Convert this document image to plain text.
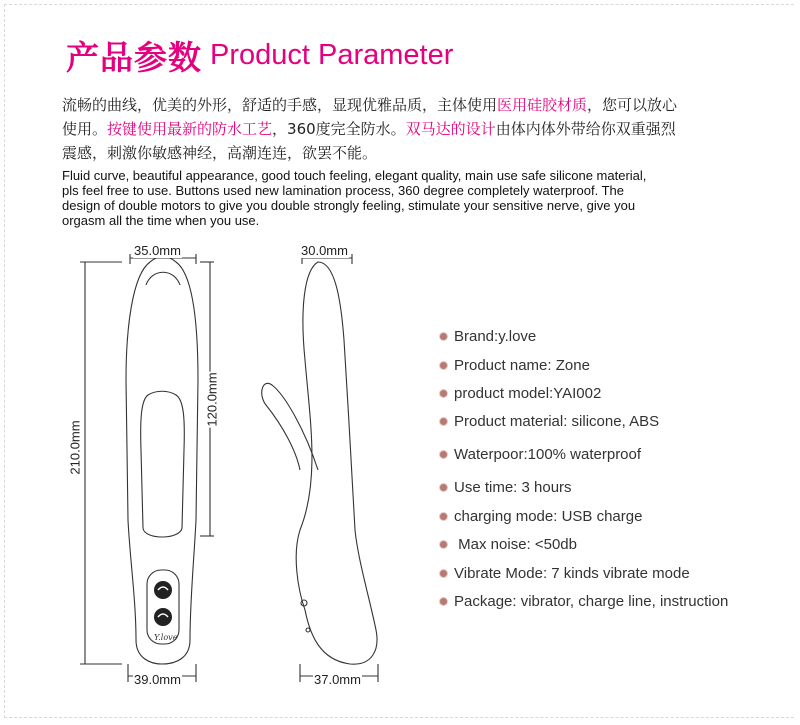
产品参数 Product Parameter
流畅的曲线，优美的外形，舒适的手感，显现优雅品质，主体使用医用硅胶材质，您可以放心
使用。按键使用最新的防水工艺，360度完全防水。双马达的设计由体内体外带给你双重强烈
震感，刺激你敏感神经，高潮连连，欲罢不能。
Fluid curve, beautiful appearance, good touch feeling, elegant quality, main use safe silicone material,
pls feel free to use. Buttons used new lamination process, 360 degree completely waterproof. The
design of double motors to give you double strongly feeling, stimulate your sensitive nerve, give you
orgasm all the time when you use.
Y.love
35.0mm	30.0mm
210.0mm
120.0mm
39.0mm	37.0mm
Brand:y.love
Product name: Zone
product model:YAI002
Product material: silicone, ABS
Waterpoor:100% waterproof
Use time: 3 hours
charging mode: USB charge
Max noise: <50db
Vibrate Mode: 7 kinds vibrate mode
Package: vibrator, charge line, instruction
